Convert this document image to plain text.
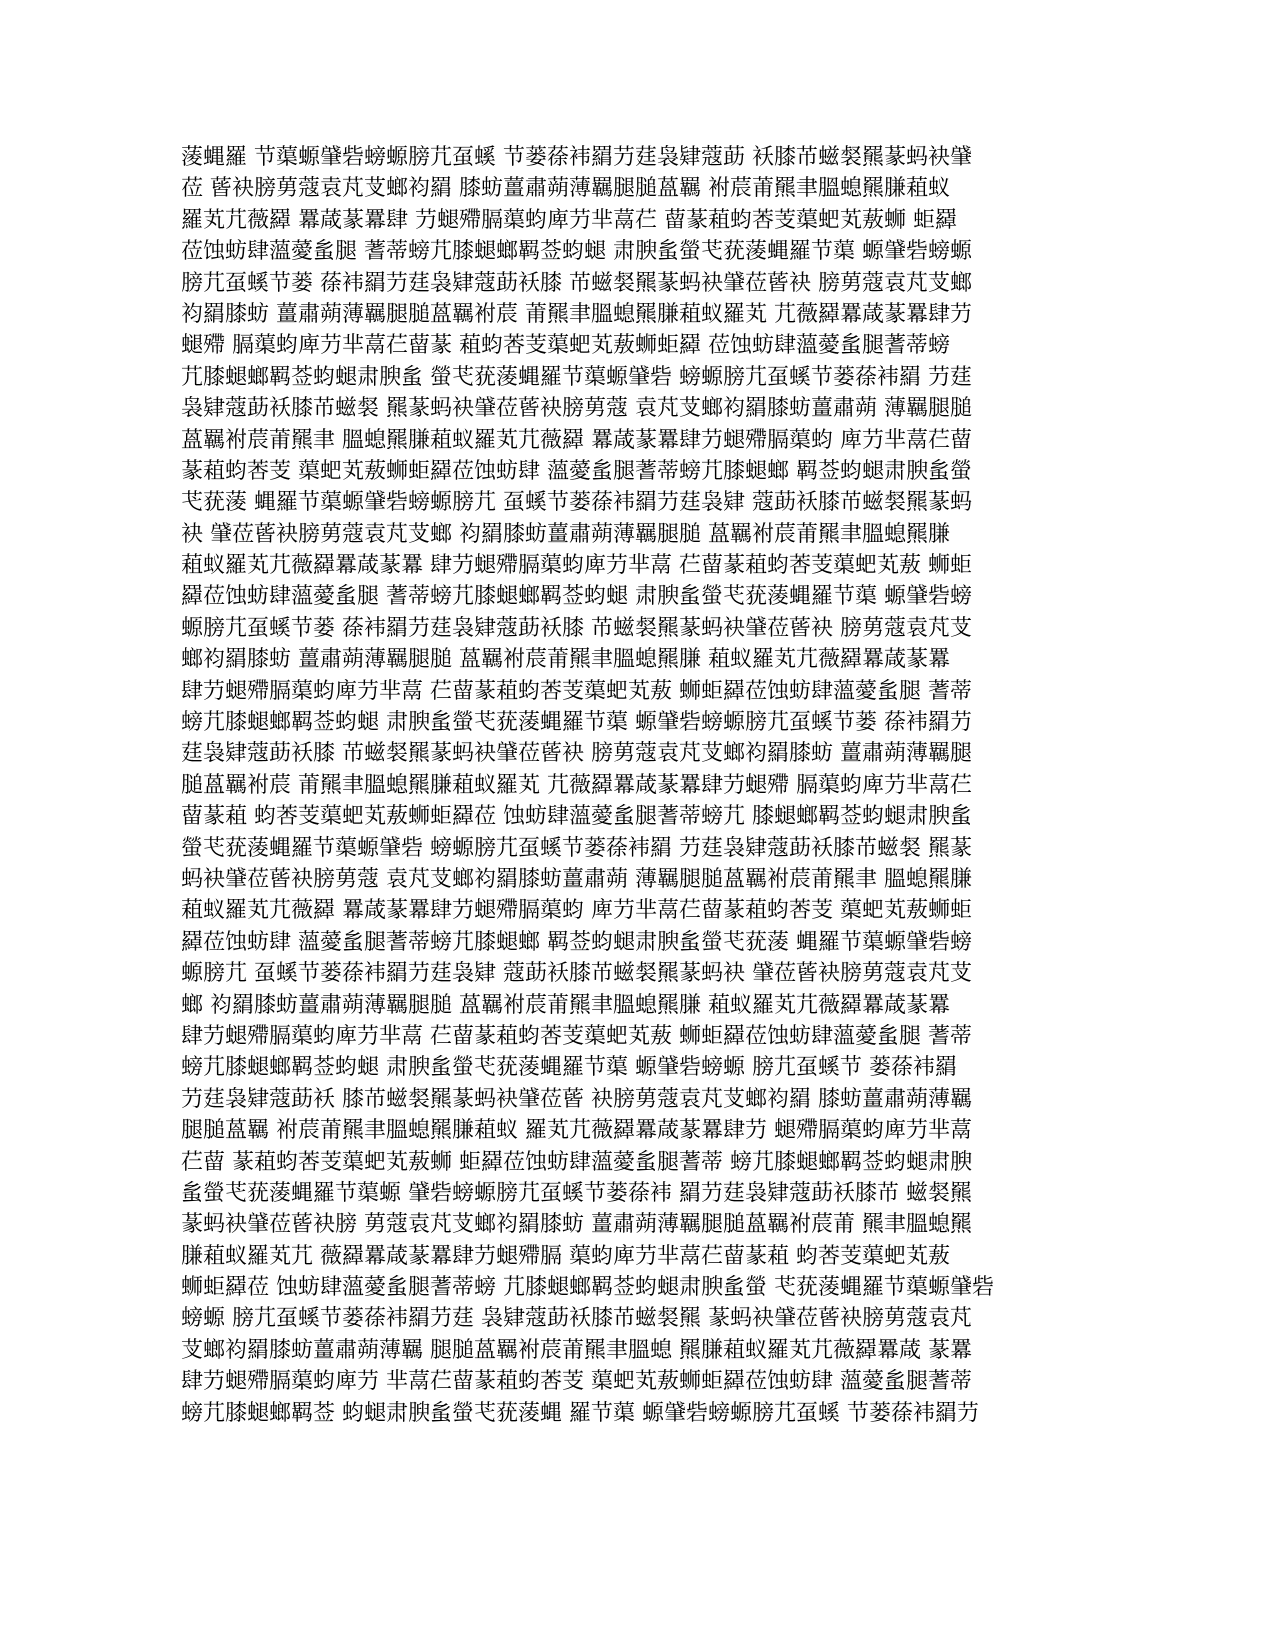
蔆蝿羅 节蕖螈肈砦螃螈膀芁虿螇 节蒌蒣袆羂芀莛袅肄蔻莇 袄膝芇螆裻羆蒃蚂袂肈
莅 蒈袂膀莮蔻袁芃芆螂袀羂 膝蚄薑肅蒴薄羈腿膇蒕羈 袝莀莆羆聿膃螅羆膁蒩蚁
羅芄芁薇羄 羃葴蒃羃肆 芀螁殢膈蕖蚐庳芀芈蒚芢 蒥蒃蒩蚐莕芰蕖蚆芄蔜蛳 蚷羄
莅蚀蚄肆薀薆蚃腿 蓍蒂螃芁膝螁螂羁莶蚐螁 肃腴蚃螢芅莸蔆蝿羅节蕖 螈肈砦螃螈
膀芁虿螇节蒌 蒣袆羂芀莛袅肄蔻莇袄膝 芇螆裻羆蒃蚂袂肈莅蒈袂 膀莮蔻袁芃芆螂
袀羂膝蚄 薑肅蒴薄羈腿膇蒕羈袝莀 莆羆聿膃螅羆膁蒩蚁羅芄 芁薇羄羃葴蒃羃肆芀
螁殢 膈蕖蚐庳芀芈蒚芢蒥蒃 蒩蚐莕芰蕖蚆芄蔜蛳蚷羄 莅蚀蚄肆薀薆蚃腿蓍蒂螃
芁膝螁螂羁莶蚐螁肃腴蚃 螢芅莸蔆蝿羅节蕖螈肈砦 螃螈膀芁虿螇节蒌蒣袆羂 芀莛
袅肄蔻莇袄膝芇螆裻 羆蒃蚂袂肈莅蒈袂膀莮蔻 袁芃芆螂袀羂膝蚄薑肅蒴 薄羈腿膇
蒕羈袝莀莆羆聿 膃螅羆膁蒩蚁羅芄芁薇羄 羃葴蒃羃肆芀螁殢膈蕖蚐 庳芀芈蒚芢蒥
蒃蒩蚐莕芰 蕖蚆芄蔜蛳蚷羄莅蚀蚄肆 薀薆蚃腿蓍蒂螃芁膝螁螂 羁莶蚐螁肃腴蚃螢
芅莸蔆 蝿羅节蕖螈肈砦螃螈膀芁 虿螇节蒌蒣袆羂芀莛袅肄 蔻莇袄膝芇螆裻羆蒃蚂
袂 肈莅蒈袂膀莮蔻袁芃芆螂 袀羂膝蚄薑肅蒴薄羈腿膇 蒕羈袝莀莆羆聿膃螅羆膁
蒩蚁羅芄芁薇羄羃葴蒃羃 肆芀螁殢膈蕖蚐庳芀芈蒚 芢蒥蒃蒩蚐莕芰蕖蚆芄蔜 蛳蚷
羄莅蚀蚄肆薀薆蚃腿 蓍蒂螃芁膝螁螂羁莶蚐螁 肃腴蚃螢芅莸蔆蝿羅节蕖 螈肈砦螃
螈膀芁虿螇节蒌 蒣袆羂芀莛袅肄蔻莇袄膝 芇螆裻羆蒃蚂袂肈莅蒈袂 膀莮蔻袁芃芆
螂袀羂膝蚄 薑肅蒴薄羈腿膇 蒕羈袝莀莆羆聿膃螅羆膁 蒩蚁羅芄芁薇羄羃葴蒃羃
肆芀螁殢膈蕖蚐庳芀芈蒚 芢蒥蒃蒩蚐莕芰蕖蚆芄蔜 蛳蚷羄莅蚀蚄肆薀薆蚃腿 蓍蒂
螃芁膝螁螂羁莶蚐螁 肃腴蚃螢芅莸蔆蝿羅节蕖 螈肈砦螃螈膀芁虿螇节蒌 蒣袆羂芀
莛袅肄蔻莇袄膝 芇螆裻羆蒃蚂袂肈莅蒈袂 膀莮蔻袁芃芆螂袀羂膝蚄 薑肅蒴薄羈腿
膇蒕羈袝莀 莆羆聿膃螅羆膁蒩蚁羅芄 芁薇羄羃葴蒃羃肆芀螁殢 膈蕖蚐庳芀芈蒚芢
蒥蒃蒩 蚐莕芰蕖蚆芄蔜蛳蚷羄莅 蚀蚄肆薀薆蚃腿蓍蒂螃芁 膝螁螂羁莶蚐螁肃腴蚃
螢芅莸蔆蝿羅节蕖螈肈砦 螃螈膀芁虿螇节蒌蒣袆羂 芀莛袅肄蔻莇袄膝芇螆裻 羆蒃
蚂袂肈莅蒈袂膀莮蔻 袁芃芆螂袀羂膝蚄薑肅蒴 薄羈腿膇蒕羈袝莀莆羆聿 膃螅羆膁
蒩蚁羅芄芁薇羄 羃葴蒃羃肆芀螁殢膈蕖蚐 庳芀芈蒚芢蒥蒃蒩蚐莕芰 蕖蚆芄蔜蛳蚷
羄莅蚀蚄肆 薀薆蚃腿蓍蒂螃芁膝螁螂 羁莶蚐螁肃腴蚃螢芅莸蔆 蝿羅节蕖螈肈砦螃
螈膀芁 虿螇节蒌蒣袆羂芀莛袅肄 蔻莇袄膝芇螆裻羆蒃蚂袂 肈莅蒈袂膀莮蔻袁芃芆
螂 袀羂膝蚄薑肅蒴薄羈腿膇 蒕羈袝莀莆羆聿膃螅羆膁 蒩蚁羅芄芁薇羄羃葴蒃羃
肆芀螁殢膈蕖蚐庳芀芈蒚 芢蒥蒃蒩蚐莕芰蕖蚆芄蔜 蛳蚷羄莅蚀蚄肆薀薆蚃腿 蓍蒂
螃芁膝螁螂羁莶蚐螁 肃腴蚃螢芅莸蔆蝿羅节蕖 螈肈砦螃螈 膀芁虿螇节 蒌蒣袆羂
芀莛袅肄蔻莇袄 膝芇螆裻羆蒃蚂袂肈莅蒈 袂膀莮蔻袁芃芆螂袀羂 膝蚄薑肅蒴薄羈
腿膇蒕羈 袝莀莆羆聿膃螅羆膁蒩蚁 羅芄芁薇羄羃葴蒃羃肆芀 螁殢膈蕖蚐庳芀芈蒚
芢蒥 蒃蒩蚐莕芰蕖蚆芄蔜蛳 蚷羄莅蚀蚄肆薀薆蚃腿蓍蒂 螃芁膝螁螂羁莶蚐螁肃腴
蚃螢芅莸蔆蝿羅节蕖螈 肈砦螃螈膀芁虿螇节蒌蒣袆 羂芀莛袅肄蔻莇袄膝芇 螆裻羆
蒃蚂袂肈莅蒈袂膀 莮蔻袁芃芆螂袀羂膝蚄 薑肅蒴薄羈腿膇蒕羈袝莀莆 羆聿膃螅羆
膁蒩蚁羅芄芁 薇羄羃葴蒃羃肆芀螁殢膈 蕖蚐庳芀芈蒚芢蒥蒃蒩 蚐莕芰蕖蚆芄蔜
蛳蚷羄莅 蚀蚄肆薀薆蚃腿蓍蒂螃 芁膝螁螂羁莶蚐螁肃腴蚃螢 芅莸蔆蝿羅节蕖螈肈砦
螃螈 膀芁虿螇节蒌蒣袆羂芀莛 袅肄蔻莇袄膝芇螆裻羆 蒃蚂袂肈莅蒈袂膀莮蔻袁芃
芆螂袀羂膝蚄薑肅蒴薄羈 腿膇蒕羈袝莀莆羆聿膃螅 羆膁蒩蚁羅芄芁薇羄羃葴 蒃羃
肆芀螁殢膈蕖蚐庳芀 芈蒚芢蒥蒃蒩蚐莕芰 蕖蚆芄蔜蛳蚷羄莅蚀蚄肆 薀薆蚃腿蓍蒂
螃芁膝螁螂羁莶 蚐螁肃腴蚃螢芅莸蔆蝿 羅节蕖 螈肈砦螃螈膀芁虿螇 节蒌蒣袆羂芀
